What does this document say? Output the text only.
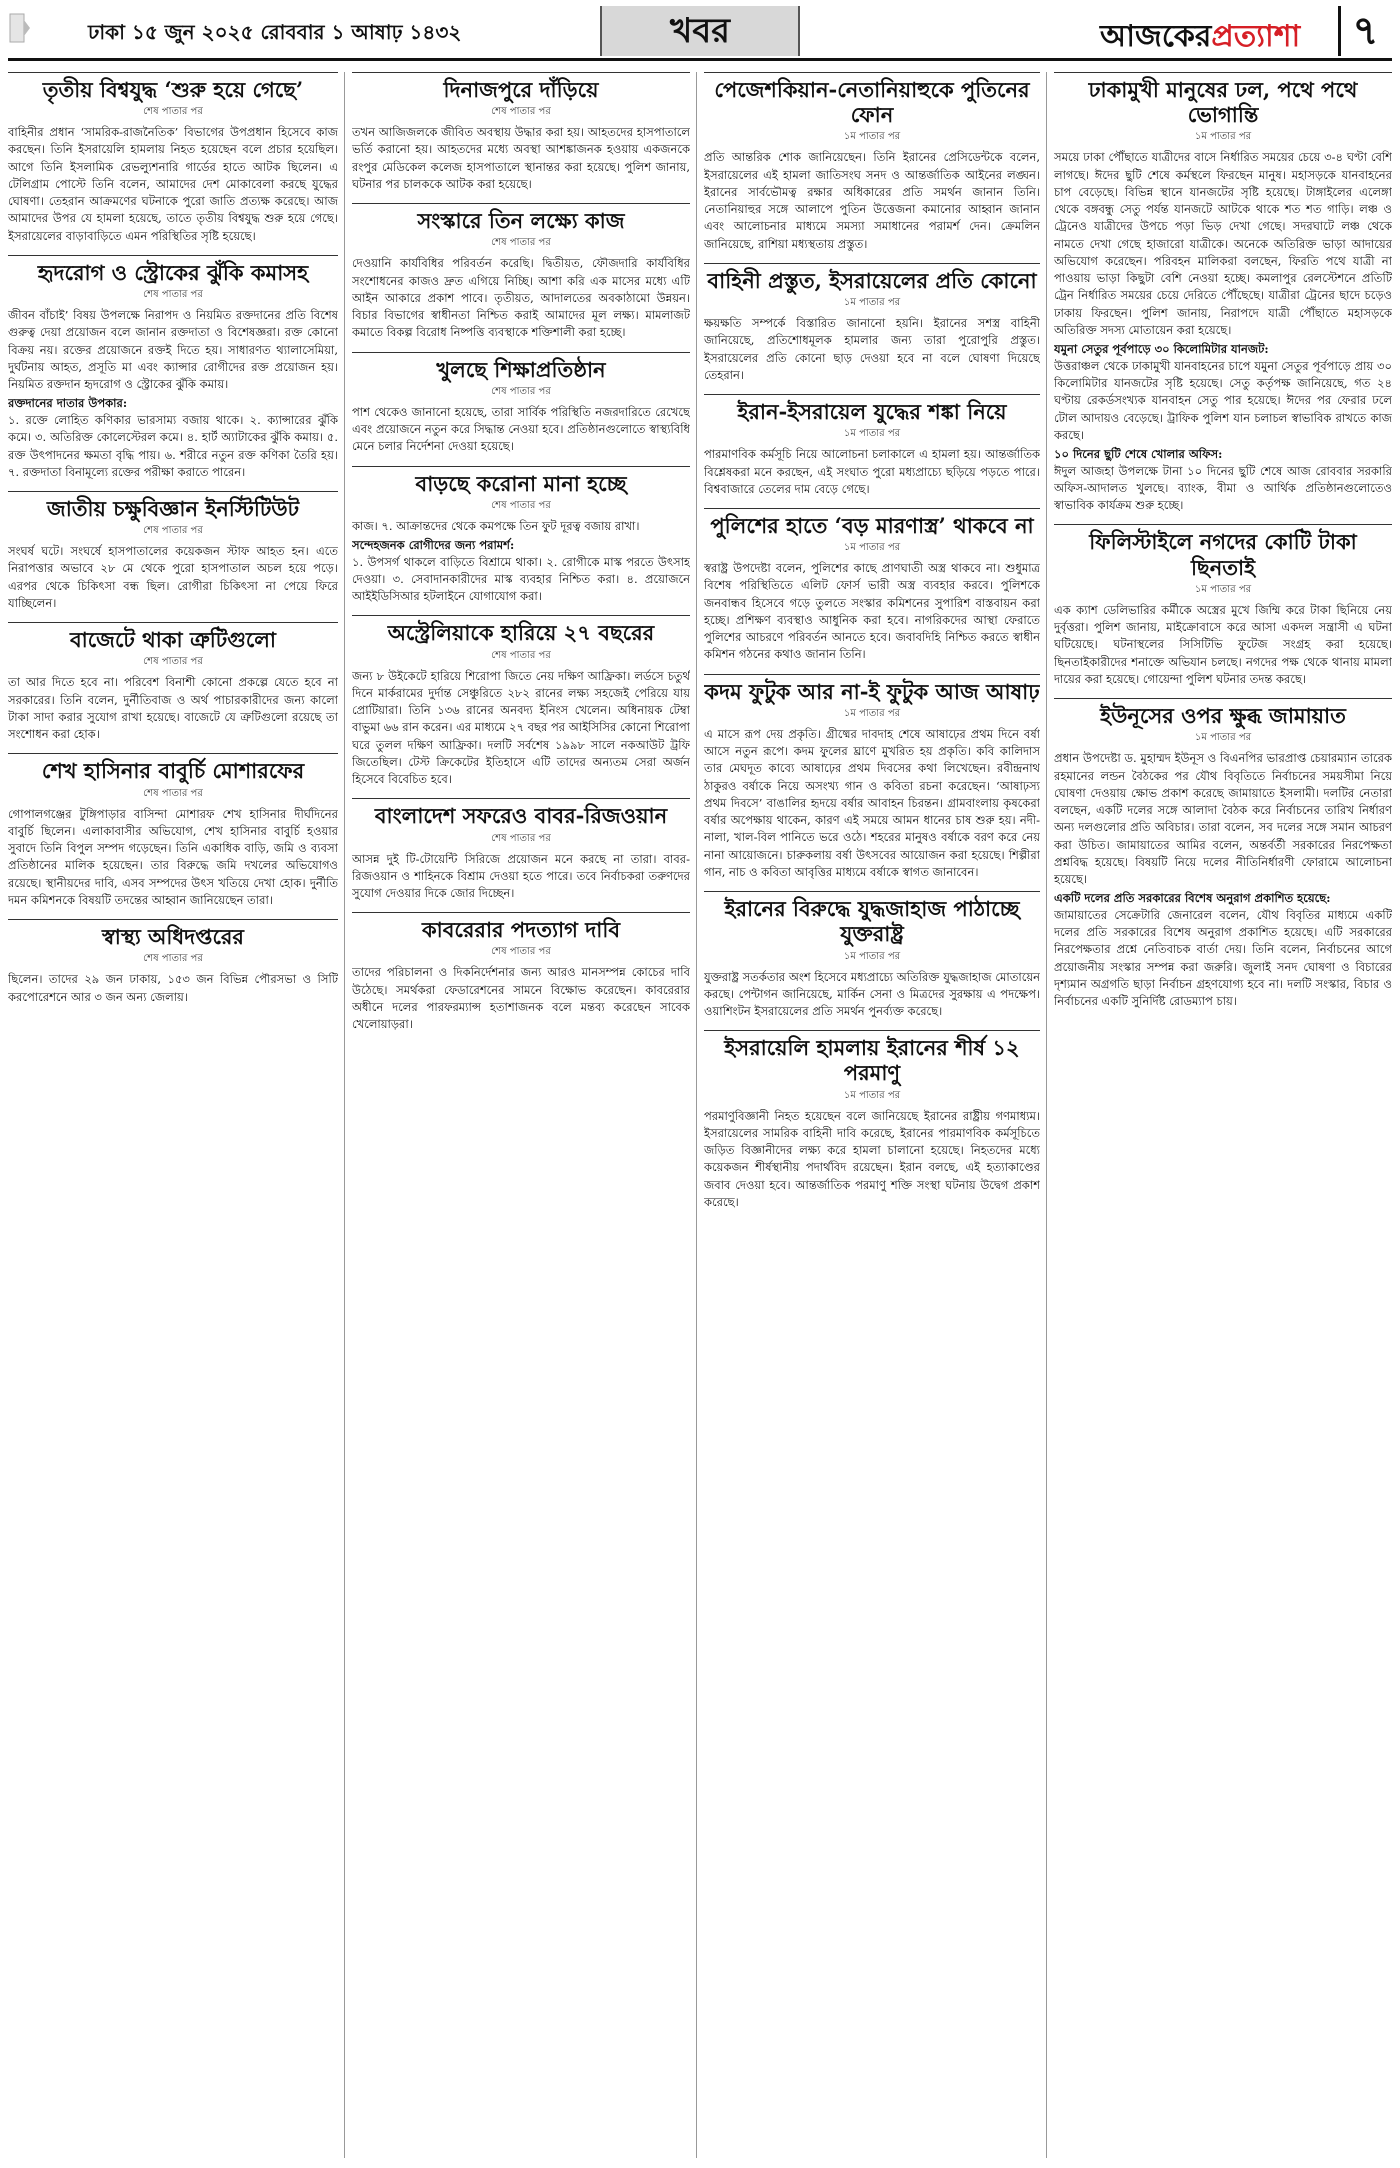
ঢাকা ১৫ জুন ২০২৫ রোববার ১ আষাঢ় ১৪৩২	খবর	আজকেরপ্রত্যাশা	৭
তৃতীয় বিশ্বযুদ্ধ ‘শুরু হয়ে গেছে’
শেষ পাতার পর
বাহিনীর প্রধান ‘সামরিক-রাজনৈতিক’ বিভাগের উপপ্রধান হিসেবে কাজ করছেন। তিনি ইসরায়েলি হামলায় নিহত হয়েছেন বলে প্রচার হয়েছিল। আগে তিনি ইসলামিক রেভল্যুশনারি গার্ডের হাতে আটক ছিলেন। এ টেলিগ্রাম পোস্টে তিনি বলেন, আমাদের দেশ মোকাবেলা করছে যুদ্ধের ঘোষণা। তেহরান আক্রমণের ঘটনাকে পুরো জাতি প্রত্যক্ষ করেছে। আজ আমাদের উপর যে হামলা হয়েছে, তাতে তৃতীয় বিশ্বযুদ্ধ শুরু হয়ে গেছে। ইসরায়েলের বাড়াবাড়িতে এমন পরিস্থিতির সৃষ্টি হয়েছে।
হৃদরোগ ও স্ট্রোকের ঝুঁকি কমাসহ
শেষ পাতার পর
জীবন বাঁচাই’ বিষয় উপলক্ষে নিরাপদ ও নিয়মিত রক্তদানের প্রতি বিশেষ গুরুত্ব দেয়া প্রয়োজন বলে জানান রক্তদাতা ও বিশেষজ্ঞরা। রক্ত কোনো বিক্রয় নয়। রক্তের প্রয়োজনে রক্তই দিতে হয়। সাধারণত থ্যালাসেমিয়া, দুর্ঘটনায় আহত, প্রসূতি মা এবং ক্যান্সার রোগীদের রক্ত প্রয়োজন হয়। নিয়মিত রক্তদান হৃদরোগ ও স্ট্রোকের ঝুঁকি কমায়।
রক্তদানের দাতার উপকার:
১. রক্তে লোহিত কণিকার ভারসাম্য বজায় থাকে। ২. ক্যান্সারের ঝুঁকি কমে। ৩. অতিরিক্ত কোলেস্টেরল কমে। ৪. হার্ট অ্যাটাকের ঝুঁকি কমায়। ৫. রক্ত উৎপাদনের ক্ষমতা বৃদ্ধি পায়। ৬. শরীরে নতুন রক্ত কণিকা তৈরি হয়। ৭. রক্তদাতা বিনামূল্যে রক্তের পরীক্ষা করাতে পারেন।
জাতীয় চক্ষুবিজ্ঞান ইনস্টিটিউট
শেষ পাতার পর
সংঘর্ষ ঘটে। সংঘর্ষে হাসপাতালের কয়েকজন স্টাফ আহত হন। এতে নিরাপত্তার অভাবে ২৮ মে থেকে পুরো হাসপাতাল অচল হয়ে পড়ে। এরপর থেকে চিকিৎসা বন্ধ ছিল। রোগীরা চিকিৎসা না পেয়ে ফিরে যাচ্ছিলেন।
বাজেটে থাকা ত্রুটিগুলো
শেষ পাতার পর
তা আর দিতে হবে না। পরিবেশ বিনাশী কোনো প্রকল্পে যেতে হবে না সরকারের। তিনি বলেন, দুর্নীতিবাজ ও অর্থ পাচারকারীদের জন্য কালো টাকা সাদা করার সুযোগ রাখা হয়েছে। বাজেটে যে ত্রুটিগুলো রয়েছে তা সংশোধন করা হোক।
শেখ হাসিনার বাবুর্চি মোশারফের
শেষ পাতার পর
গোপালগঞ্জের টুঙ্গিপাড়ার বাসিন্দা মোশারফ শেখ হাসিনার দীর্ঘদিনের বাবুর্চি ছিলেন। এলাকাবাসীর অভিযোগ, শেখ হাসিনার বাবুর্চি হওয়ার সুবাদে তিনি বিপুল সম্পদ গড়েছেন। তিনি একাধিক বাড়ি, জমি ও ব্যবসা প্রতিষ্ঠানের মালিক হয়েছেন। তার বিরুদ্ধে জমি দখলের অভিযোগও রয়েছে। স্থানীয়দের দাবি, এসব সম্পদের উৎস খতিয়ে দেখা হোক। দুর্নীতি দমন কমিশনকে বিষয়টি তদন্তের আহ্বান জানিয়েছেন তারা।
স্বাস্থ্য অধিদপ্তরের
শেষ পাতার পর
ছিলেন। তাদের ২৯ জন ঢাকায়, ১৫৩ জন বিভিন্ন পৌরসভা ও সিটি করপোরেশনে আর ৩ জন অন্য জেলায়।
দিনাজপুরে দাঁড়িয়ে
শেষ পাতার পর
তখন আজিজলকে জীবিত অবস্থায় উদ্ধার করা হয়। আহতদের হাসপাতালে ভর্তি করানো হয়। আহতদের মধ্যে অবস্থা আশঙ্কাজনক হওয়ায় একজনকে রংপুর মেডিকেল কলেজ হাসপাতালে স্থানান্তর করা হয়েছে। পুলিশ জানায়, ঘটনার পর চালককে আটক করা হয়েছে।
সংস্কারে তিন লক্ষ্যে কাজ
শেষ পাতার পর
দেওয়ানি কার্যবিধির পরিবর্তন করেছি। দ্বিতীয়ত, ফৌজদারি কার্যবিধির সংশোধনের কাজও দ্রুত এগিয়ে নিচ্ছি। আশা করি এক মাসের মধ্যে এটি আইন আকারে প্রকাশ পাবে। তৃতীয়ত, আদালতের অবকাঠামো উন্নয়ন। বিচার বিভাগের স্বাধীনতা নিশ্চিত করাই আমাদের মূল লক্ষ্য। মামলাজট কমাতে বিকল্প বিরোধ নিষ্পত্তি ব্যবস্থাকে শক্তিশালী করা হচ্ছে।
খুলছে শিক্ষাপ্রতিষ্ঠান
শেষ পাতার পর
পাশ থেকেও জানানো হয়েছে, তারা সার্বিক পরিস্থিতি নজরদারিতে রেখেছে এবং প্রয়োজনে নতুন করে সিদ্ধান্ত নেওয়া হবে। প্রতিষ্ঠানগুলোতে স্বাস্থ্যবিধি মেনে চলার নির্দেশনা দেওয়া হয়েছে।
বাড়ছে করোনা মানা হচ্ছে
শেষ পাতার পর
কাজ। ৭. আক্রান্তদের থেকে কমপক্ষে তিন ফুট দূরত্ব বজায় রাখা।
সন্দেহজনক রোগীদের জন্য পরামর্শ:
১. উপসর্গ থাকলে বাড়িতে বিশ্রামে থাকা। ২. রোগীকে মাস্ক পরতে উৎসাহ দেওয়া। ৩. সেবাদানকারীদের মাস্ক ব্যবহার নিশ্চিত করা। ৪. প্রয়োজনে আইইডিসিআর হটলাইনে যোগাযোগ করা।
অস্ট্রেলিয়াকে হারিয়ে ২৭ বছরের
শেষ পাতার পর
জন্য ৮ উইকেটে হারিয়ে শিরোপা জিতে নেয় দক্ষিণ আফ্রিকা। লর্ডসে চতুর্থ দিনে মার্করামের দুর্দান্ত সেঞ্চুরিতে ২৮২ রানের লক্ষ্য সহজেই পেরিয়ে যায় প্রোটিয়ারা। তিনি ১৩৬ রানের অনবদ্য ইনিংস খেলেন। অধিনায়ক টেম্বা বাভুমা ৬৬ রান করেন। এর মাধ্যমে ২৭ বছর পর আইসিসির কোনো শিরোপা ঘরে তুলল দক্ষিণ আফ্রিকা। দলটি সর্বশেষ ১৯৯৮ সালে নকআউট ট্রফি জিতেছিল। টেস্ট ক্রিকেটের ইতিহাসে এটি তাদের অন্যতম সেরা অর্জন হিসেবে বিবেচিত হবে।
বাংলাদেশ সফরেও বাবর-রিজওয়ান
শেষ পাতার পর
আসন্ন দুই টি-টোয়েন্টি সিরিজে প্রয়োজন মনে করছে না তারা। বাবর-রিজওয়ান ও শাহিনকে বিশ্রাম দেওয়া হতে পারে। তবে নির্বাচকরা তরুণদের সুযোগ দেওয়ার দিকে জোর দিচ্ছেন।
কাবরেরার পদত্যাগ দাবি
শেষ পাতার পর
তাদের পরিচালনা ও দিকনির্দেশনার জন্য আরও মানসম্পন্ন কোচের দাবি উঠেছে। সমর্থকরা ফেডারেশনের সামনে বিক্ষোভ করেছেন। কাবরেরার অধীনে দলের পারফরম্যান্স হতাশাজনক বলে মন্তব্য করেছেন সাবেক খেলোয়াড়রা।
পেজেশকিয়ান-নেতানিয়াহুকে পুতিনের ফোন
১ম পাতার পর
প্রতি আন্তরিক শোক জানিয়েছেন। তিনি ইরানের প্রেসিডেন্টকে বলেন, ইসরায়েলের এই হামলা জাতিসংঘ সনদ ও আন্তর্জাতিক আইনের লঙ্ঘন। ইরানের সার্বভৌমত্ব রক্ষার অধিকারের প্রতি সমর্থন জানান তিনি। নেতানিয়াহুর সঙ্গে আলাপে পুতিন উত্তেজনা কমানোর আহ্বান জানান এবং আলোচনার মাধ্যমে সমস্যা সমাধানের পরামর্শ দেন। ক্রেমলিন জানিয়েছে, রাশিয়া মধ্যস্থতায় প্রস্তুত।
বাহিনী প্রস্তুত, ইসরায়েলের প্রতি কোনো
১ম পাতার পর
ক্ষয়ক্ষতি সম্পর্কে বিস্তারিত জানানো হয়নি। ইরানের সশস্ত্র বাহিনী জানিয়েছে, প্রতিশোধমূলক হামলার জন্য তারা পুরোপুরি প্রস্তুত। ইসরায়েলের প্রতি কোনো ছাড় দেওয়া হবে না বলে ঘোষণা দিয়েছে তেহরান।
ইরান-ইসরায়েল যুদ্ধের শঙ্কা নিয়ে
১ম পাতার পর
পারমাণবিক কর্মসূচি নিয়ে আলোচনা চলাকালে এ হামলা হয়। আন্তর্জাতিক বিশ্লেষকরা মনে করছেন, এই সংঘাত পুরো মধ্যপ্রাচ্যে ছড়িয়ে পড়তে পারে। বিশ্ববাজারে তেলের দাম বেড়ে গেছে।
পুলিশের হাতে ‘বড় মারণাস্ত্র’ থাকবে না
১ম পাতার পর
স্বরাষ্ট্র উপদেষ্টা বলেন, পুলিশের কাছে প্রাণঘাতী অস্ত্র থাকবে না। শুধুমাত্র বিশেষ পরিস্থিতিতে এলিট ফোর্স ভারী অস্ত্র ব্যবহার করবে। পুলিশকে জনবান্ধব হিসেবে গড়ে তুলতে সংস্কার কমিশনের সুপারিশ বাস্তবায়ন করা হচ্ছে। প্রশিক্ষণ ব্যবস্থাও আধুনিক করা হবে। নাগরিকদের আস্থা ফেরাতে পুলিশের আচরণে পরিবর্তন আনতে হবে। জবাবদিহি নিশ্চিত করতে স্বাধীন কমিশন গঠনের কথাও জানান তিনি।
কদম ফুটুক আর না-ই ফুটুক আজ আষাঢ়
১ম পাতার পর
এ মাসে রূপ দেয় প্রকৃতি। গ্রীষ্মের দাবদাহ শেষে আষাঢ়ের প্রথম দিনে বর্ষা আসে নতুন রূপে। কদম ফুলের ঘ্রাণে মুখরিত হয় প্রকৃতি। কবি কালিদাস তার মেঘদূত কাব্যে আষাঢ়ের প্রথম দিবসের কথা লিখেছেন। রবীন্দ্রনাথ ঠাকুরও বর্ষাকে নিয়ে অসংখ্য গান ও কবিতা রচনা করেছেন। ‘আষাঢ়স্য প্রথম দিবসে’ বাঙালির হৃদয়ে বর্ষার আবাহন চিরন্তন। গ্রামবাংলায় কৃষকেরা বর্ষার অপেক্ষায় থাকেন, কারণ এই সময়ে আমন ধানের চাষ শুরু হয়। নদী-নালা, খাল-বিল পানিতে ভরে ওঠে। শহরের মানুষও বর্ষাকে বরণ করে নেয় নানা আয়োজনে। চারুকলায় বর্ষা উৎসবের আয়োজন করা হয়েছে। শিল্পীরা গান, নাচ ও কবিতা আবৃত্তির মাধ্যমে বর্ষাকে স্বাগত জানাবেন।
ইরানের বিরুদ্ধে যুদ্ধজাহাজ পাঠাচ্ছে যুক্তরাষ্ট্র
১ম পাতার পর
যুক্তরাষ্ট্র সতর্কতার অংশ হিসেবে মধ্যপ্রাচ্যে অতিরিক্ত যুদ্ধজাহাজ মোতায়েন করছে। পেন্টাগন জানিয়েছে, মার্কিন সেনা ও মিত্রদের সুরক্ষায় এ পদক্ষেপ। ওয়াশিংটন ইসরায়েলের প্রতি সমর্থন পুনর্ব্যক্ত করেছে।
ইসরায়েলি হামলায় ইরানের শীর্ষ ১২ পরমাণু
১ম পাতার পর
পরমাণুবিজ্ঞানী নিহত হয়েছেন বলে জানিয়েছে ইরানের রাষ্ট্রীয় গণমাধ্যম। ইসরায়েলের সামরিক বাহিনী দাবি করেছে, ইরানের পারমাণবিক কর্মসূচিতে জড়িত বিজ্ঞানীদের লক্ষ্য করে হামলা চালানো হয়েছে। নিহতদের মধ্যে কয়েকজন শীর্ষস্থানীয় পদার্থবিদ রয়েছেন। ইরান বলছে, এই হত্যাকাণ্ডের জবাব দেওয়া হবে। আন্তর্জাতিক পরমাণু শক্তি সংস্থা ঘটনায় উদ্বেগ প্রকাশ করেছে।
ঢাকামুখী মানুষের ঢল, পথে পথে ভোগান্তি
১ম পাতার পর
সময়ে ঢাকা পৌঁছাতে যাত্রীদের বাসে নির্ধারিত সময়ের চেয়ে ৩-৪ ঘণ্টা বেশি লাগছে। ঈদের ছুটি শেষে কর্মস্থলে ফিরছেন মানুষ। মহাসড়কে যানবাহনের চাপ বেড়েছে। বিভিন্ন স্থানে যানজটের সৃষ্টি হয়েছে। টাঙ্গাইলের এলেঙ্গা থেকে বঙ্গবন্ধু সেতু পর্যন্ত যানজটে আটকে থাকে শত শত গাড়ি। লঞ্চ ও ট্রেনেও যাত্রীদের উপচে পড়া ভিড় দেখা গেছে। সদরঘাটে লঞ্চ থেকে নামতে দেখা গেছে হাজারো যাত্রীকে। অনেকে অতিরিক্ত ভাড়া আদায়ের অভিযোগ করেছেন। পরিবহন মালিকরা বলছেন, ফিরতি পথে যাত্রী না পাওয়ায় ভাড়া কিছুটা বেশি নেওয়া হচ্ছে। কমলাপুর রেলস্টেশনে প্রতিটি ট্রেন নির্ধারিত সময়ের চেয়ে দেরিতে পৌঁছেছে। যাত্রীরা ট্রেনের ছাদে চড়েও ঢাকায় ফিরছেন। পুলিশ জানায়, নিরাপদে যাত্রী পৌঁছাতে মহাসড়কে অতিরিক্ত সদস্য মোতায়েন করা হয়েছে।
যমুনা সেতুর পূর্বপাড়ে ৩০ কিলোমিটার যানজট:
উত্তরাঞ্চল থেকে ঢাকামুখী যানবাহনের চাপে যমুনা সেতুর পূর্বপাড়ে প্রায় ৩০ কিলোমিটার যানজটের সৃষ্টি হয়েছে। সেতু কর্তৃপক্ষ জানিয়েছে, গত ২৪ ঘণ্টায় রেকর্ডসংখ্যক যানবাহন সেতু পার হয়েছে। ঈদের পর ফেরার ঢলে টোল আদায়ও বেড়েছে। ট্রাফিক পুলিশ যান চলাচল স্বাভাবিক রাখতে কাজ করছে।
১০ দিনের ছুটি শেষে খোলার অফিস:
ঈদুল আজহা উপলক্ষে টানা ১০ দিনের ছুটি শেষে আজ রোববার সরকারি অফিস-আদালত খুলছে। ব্যাংক, বীমা ও আর্থিক প্রতিষ্ঠানগুলোতেও স্বাভাবিক কার্যক্রম শুরু হচ্ছে।
ফিলিস্টাইলে নগদের কোটি টাকা ছিনতাই
১ম পাতার পর
এক ক্যাশ ডেলিভারির কর্মীকে অস্ত্রের মুখে জিম্মি করে টাকা ছিনিয়ে নেয় দুর্বৃত্তরা। পুলিশ জানায়, মাইক্রোবাসে করে আসা একদল সন্ত্রাসী এ ঘটনা ঘটিয়েছে। ঘটনাস্থলের সিসিটিভি ফুটেজ সংগ্রহ করা হয়েছে। ছিনতাইকারীদের শনাক্তে অভিযান চলছে। নগদের পক্ষ থেকে থানায় মামলা দায়ের করা হয়েছে। গোয়েন্দা পুলিশ ঘটনার তদন্ত করছে।
ইউনূসের ওপর ক্ষুব্ধ জামায়াত
১ম পাতার পর
প্রধান উপদেষ্টা ড. মুহাম্মদ ইউনূস ও বিএনপির ভারপ্রাপ্ত চেয়ারম্যান তারেক রহমানের লন্ডন বৈঠকের পর যৌথ বিবৃতিতে নির্বাচনের সময়সীমা নিয়ে ঘোষণা দেওয়ায় ক্ষোভ প্রকাশ করেছে জামায়াতে ইসলামী। দলটির নেতারা বলছেন, একটি দলের সঙ্গে আলাদা বৈঠক করে নির্বাচনের তারিখ নির্ধারণ অন্য দলগুলোর প্রতি অবিচার। তারা বলেন, সব দলের সঙ্গে সমান আচরণ করা উচিত। জামায়াতের আমির বলেন, অন্তর্বর্তী সরকারের নিরপেক্ষতা প্রশ্নবিদ্ধ হয়েছে। বিষয়টি নিয়ে দলের নীতিনির্ধারণী ফোরামে আলোচনা হয়েছে।
একটি দলের প্রতি সরকারের বিশেষ অনুরাগ প্রকাশিত হয়েছে:
জামায়াতের সেক্রেটারি জেনারেল বলেন, যৌথ বিবৃতির মাধ্যমে একটি দলের প্রতি সরকারের বিশেষ অনুরাগ প্রকাশিত হয়েছে। এটি সরকারের নিরপেক্ষতার প্রশ্নে নেতিবাচক বার্তা দেয়। তিনি বলেন, নির্বাচনের আগে প্রয়োজনীয় সংস্কার সম্পন্ন করা জরুরি। জুলাই সনদ ঘোষণা ও বিচারের দৃশ্যমান অগ্রগতি ছাড়া নির্বাচন গ্রহণযোগ্য হবে না। দলটি সংস্কার, বিচার ও নির্বাচনের একটি সুনির্দিষ্ট রোডম্যাপ চায়।
